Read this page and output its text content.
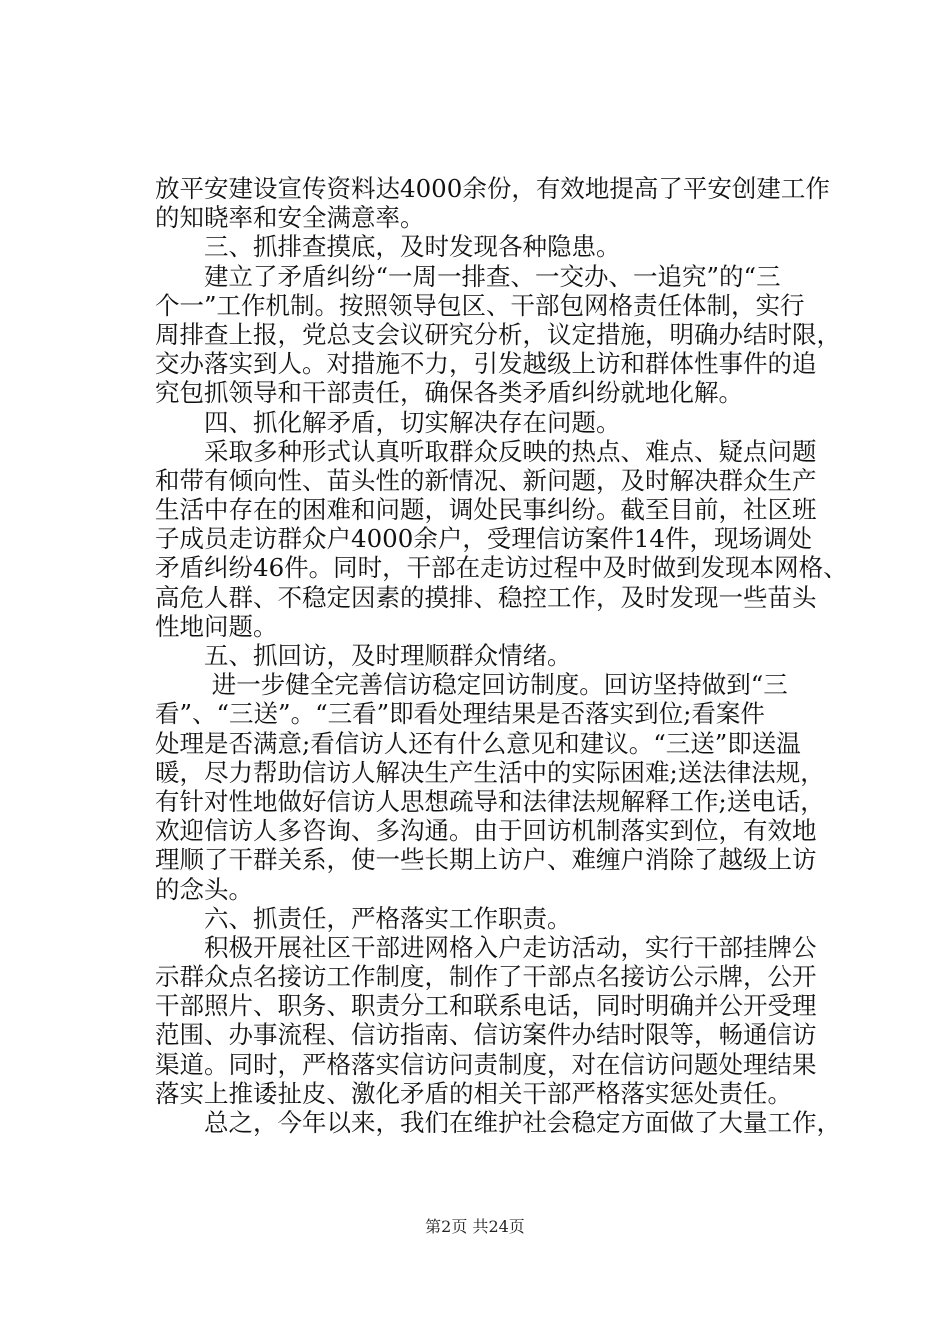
放平安建设宣传资料达4000余份，有效地提高了平安创建工作
的知晓率和安全满意率。
　　三、抓排查摸底，及时发现各种隐患。
　　建立了矛盾纠纷“一周一排查、一交办、一追究”的“三
个一”工作机制。按照领导包区、干部包网格责任体制，实行
周排查上报，党总支会议研究分析，议定措施，明确办结时限，
交办落实到人。对措施不力，引发越级上访和群体性事件的追
究包抓领导和干部责任，确保各类矛盾纠纷就地化解。
　　四、抓化解矛盾，切实解决存在问题。
　　采取多种形式认真听取群众反映的热点、难点、疑点问题
和带有倾向性、苗头性的新情况、新问题，及时解决群众生产
生活中存在的困难和问题，调处民事纠纷。截至目前，社区班
子成员走访群众户4000余户，受理信访案件14件，现场调处
矛盾纠纷46件。同时，干部在走访过程中及时做到发现本网格、
高危人群、不稳定因素的摸排、稳控工作，及时发现一些苗头
性地问题。
　　五、抓回访，及时理顺群众情绪。
　　 进一步健全完善信访稳定回访制度。回访坚持做到“三
看”、“三送”。“三看”即看处理结果是否落实到位;看案件
处理是否满意;看信访人还有什么意见和建议。“三送”即送温
暖，尽力帮助信访人解决生产生活中的实际困难;送法律法规，
有针对性地做好信访人思想疏导和法律法规解释工作;送电话，
欢迎信访人多咨询、多沟通。由于回访机制落实到位，有效地
理顺了干群关系，使一些长期上访户、难缠户消除了越级上访
的念头。
　　六、抓责任，严格落实工作职责。
　　积极开展社区干部进网格入户走访活动，实行干部挂牌公
示群众点名接访工作制度，制作了干部点名接访公示牌，公开
干部照片、职务、职责分工和联系电话，同时明确并公开受理
范围、办事流程、信访指南、信访案件办结时限等，畅通信访
渠道。同时，严格落实信访问责制度，对在信访问题处理结果
落实上推诿扯皮、激化矛盾的相关干部严格落实惩处责任。
　　总之，今年以来，我们在维护社会稳定方面做了大量工作，
第2页 共24页
